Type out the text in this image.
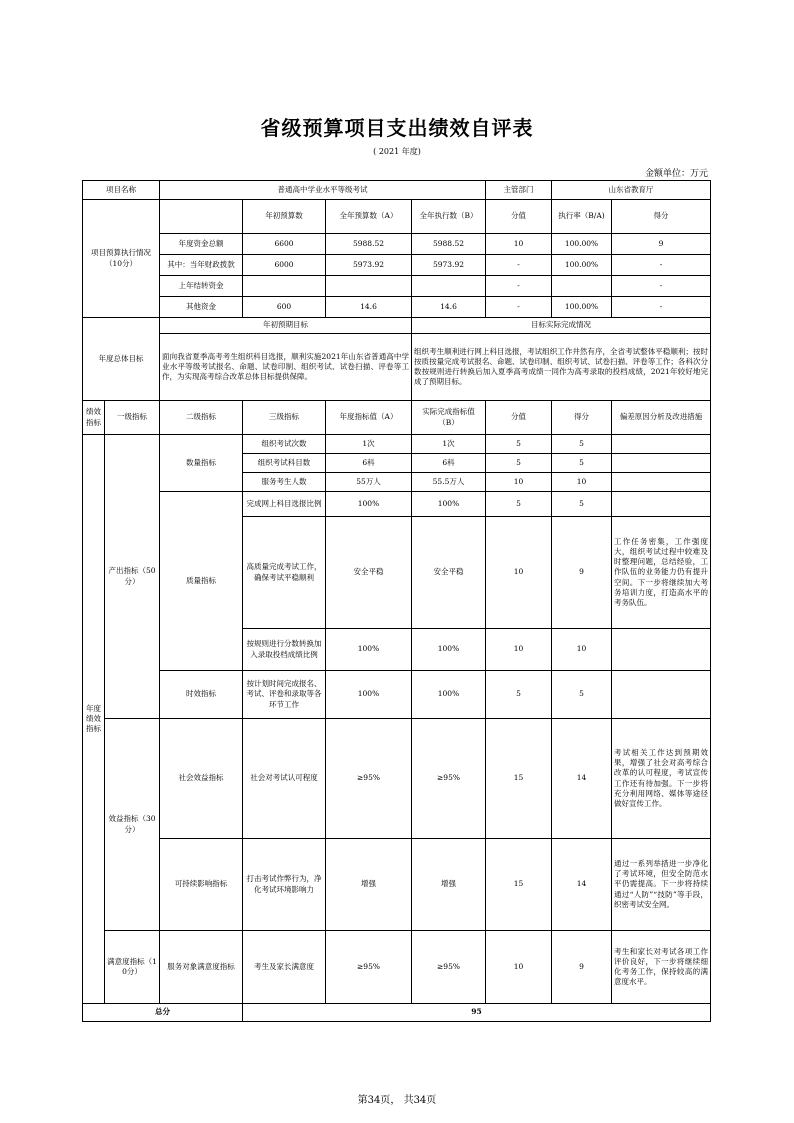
省级预算项目支出绩效自评表
( 2021 年度)
金额单位：万元
项目名称		普通高中学业水平等级考试				主管部门	山东省教育厅	
项目预算执行情况（10分）			年初预算数	全年预算数（A）	全年执行数（B）	分值	执行率（B/A)	得分
		年度资金总额	6600	5988.52	5988.52	10	100.00%	9
		其中：当年财政拨款	6000	5973.92	5973.92	-	100.00%	-
		上年结转资金				-		-
		其他资金	600	14.6	14.6	-	100.00%	-
年度总体目标		年初预期目标			目标实际完成情况			
		面向我省夏季高考考生组织科目选报，顺利实施2021年山东省普通高中学业水平等级考试报名、命题、试卷印制、组织考试、试卷扫描、评卷等工作，为实现高考综合改革总体目标提供保障。			组织考生顺利进行网上科目选报，考试组织工作井然有序，全省考试整体平稳顺利；按时按质按量完成考试报名、命题、试卷印制、组织考试、试卷扫描、评卷等工作；各科次分数按规则进行转换后加入夏季高考成绩一同作为高考录取的投档成绩，2021年较好地完成了预期目标。			
绩效指标	一级指标	二级指标	三级指标	年度指标值（A）	实际完成指标值（B）	分值	得分	偏差原因分析及改进措施
年度绩效指标	产出指标（50分）	数量指标	组织考试次数	1次	1次	5	5	
			组织考试科目数	6科	6科	5	5	
			服务考生人数	55万人	55.5万人	10	10	
		质量指标	完成网上科目选报比例	100%	100%	5	5	
			高质量完成考试工作，确保考试平稳顺利	安全平稳	安全平稳	10	9	工作任务密集，工作强度大，组织考试过程中较难及时整理问题，总结经验，工作队伍的业务能力仍有提升空间。下一步将继续加大考务培训力度，打造高水平的考务队伍。
			按规则进行分数转换加入录取投档成绩比例	100%	100%	10	10	
		时效指标	按计划时间完成报名、考试、评卷和录取等各环节工作	100%	100%	5	5	
	效益指标（30分）	社会效益指标	社会对考试认可程度	≥95%	≥95%	15	14	考试相关工作达到预期效果，增强了社会对高考综合改革的认可程度，考试宣传工作还有待加强。下一步将充分利用网络、媒体等途径做好宣传工作。
		可持续影响指标	打击考试作弊行为，净化考试环境影响力	增强	增强	15	14	通过一系列举措进一步净化了考试环境，但安全防范水平仍需提高。下一步将持续通过“人防”“技防”等手段，织密考试安全网。
	满意度指标（10分）	服务对象满意度指标	考生及家长满意度	≥95%	≥95%	10	9	考生和家长对考试各项工作评价良好，下一步将继续细化考务工作，保持较高的满意度水平。
总分			95					
第34页， 共34页
